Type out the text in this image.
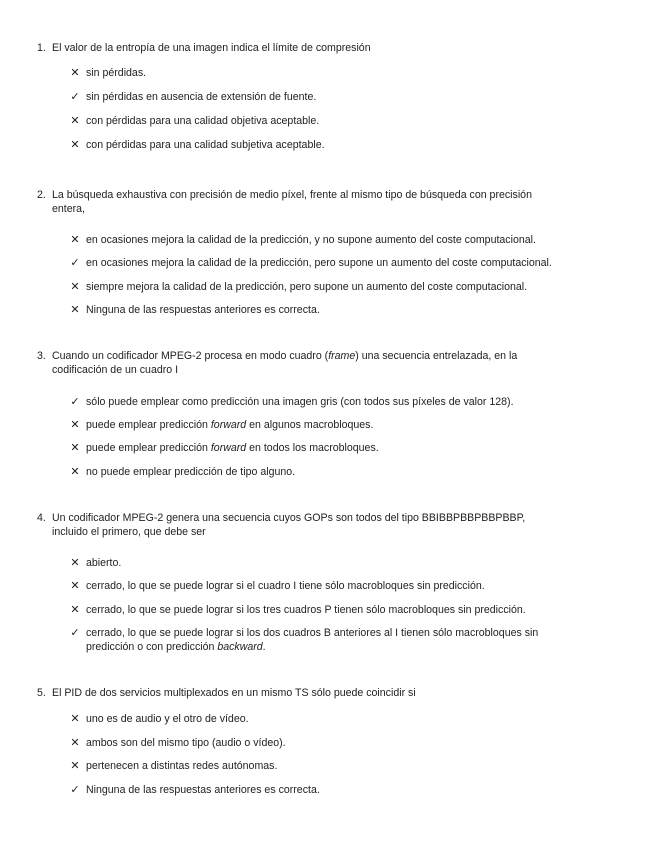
1. El valor de la entropía de una imagen indica el límite de compresión
✕ sin pérdidas.
✓ sin pérdidas en ausencia de extensión de fuente.
✕ con pérdidas para una calidad objetiva aceptable.
✕ con pérdidas para una calidad subjetiva aceptable.
2. La búsqueda exhaustiva con precisión de medio píxel, frente al mismo tipo de búsqueda con precisión
entera,
✕ en ocasiones mejora la calidad de la predicción, y no supone aumento del coste computacional.
✓ en ocasiones mejora la calidad de la predicción, pero supone un aumento del coste computacional.
✕ siempre mejora la calidad de la predicción, pero supone un aumento del coste computacional.
✕ Ninguna de las respuestas anteriores es correcta.
3. Cuando un codificador MPEG-2 procesa en modo cuadro (frame) una secuencia entrelazada, en la
codificación de un cuadro I
✓ sólo puede emplear como predicción una imagen gris (con todos sus píxeles de valor 128).
✕ puede emplear predicción forward en algunos macrobloques.
✕ puede emplear predicción forward en todos los macrobloques.
✕ no puede emplear predicción de tipo alguno.
4. Un codificador MPEG-2 genera una secuencia cuyos GOPs son todos del tipo BBIBBPBBPBBPBBP,
incluido el primero, que debe ser
✕ abierto.
✕ cerrado, lo que se puede lograr si el cuadro I tiene sólo macrobloques sin predicción.
✕ cerrado, lo que se puede lograr si los tres cuadros P tienen sólo macrobloques sin predicción.
✓ cerrado, lo que se puede lograr si los dos cuadros B anteriores al I tienen sólo macrobloques sin
predicción o con predicción backward.
5. El PID de dos servicios multiplexados en un mismo TS sólo puede coincidir si
✕ uno es de audio y el otro de vídeo.
✕ ambos son del mismo tipo (audio o vídeo).
✕ pertenecen a distintas redes autónomas.
✓ Ninguna de las respuestas anteriores es correcta.
